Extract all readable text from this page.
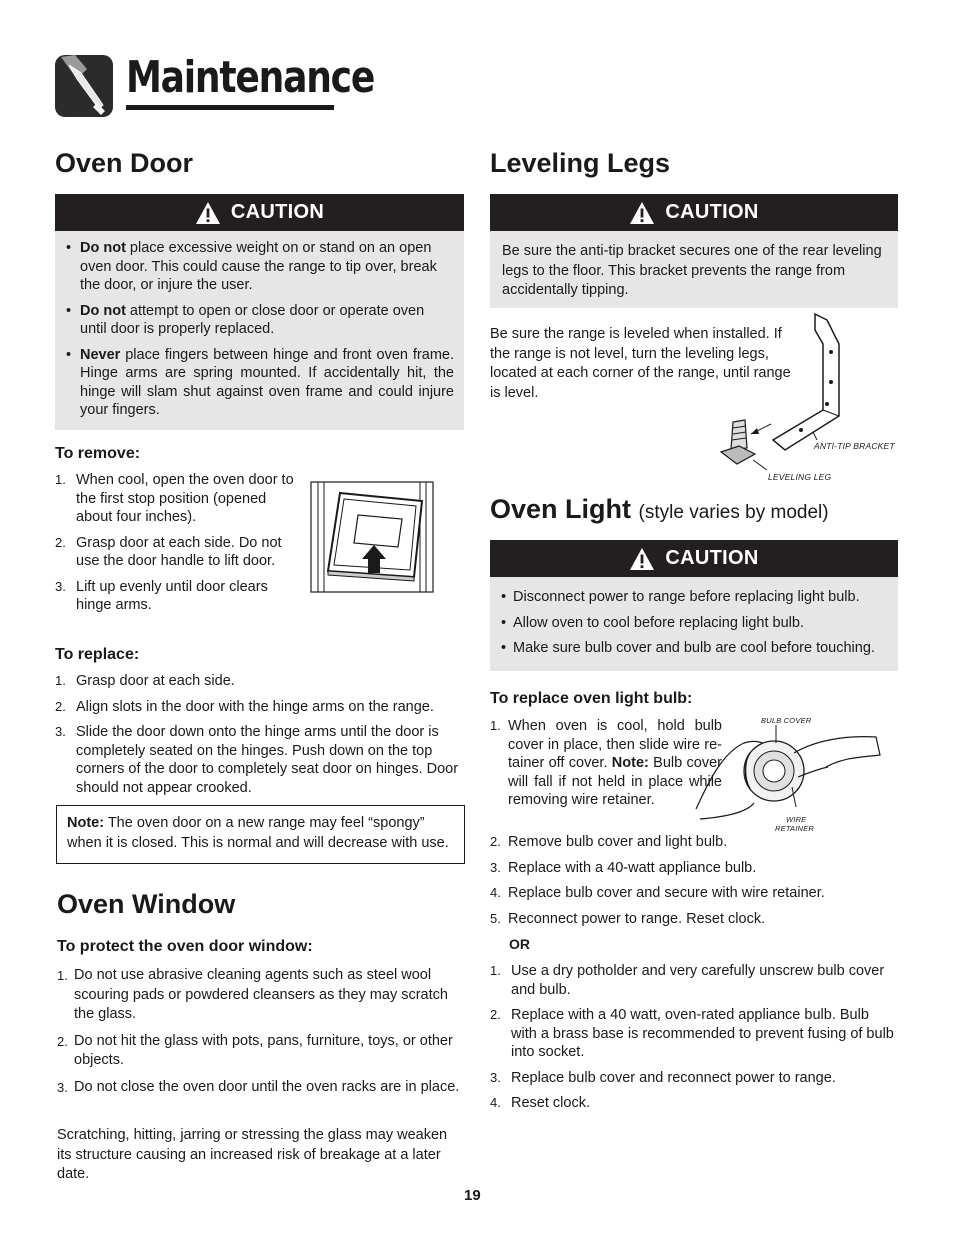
Maintenance
Oven Door
CAUTION
• Do not place excessive weight on or stand on an open oven door. This could cause the range to tip over, break the door, or injure the user.
• Do not attempt to open or close door or operate oven until door is properly replaced.
• Never place fingers between hinge and front oven frame. Hinge arms are spring mounted. If accidentally hit, the hinge will slam shut against oven frame and could injure your fingers.
To remove:
1. When cool, open the oven door to the first stop position (opened about four inches).
2. Grasp door at each side. Do not use the door handle to lift door.
3. Lift up evenly until door clears hinge arms.
To replace:
1. Grasp door at each side.
2. Align slots in the door with the hinge arms on the range.
3. Slide the door down onto the hinge arms until the door is completely seated on the hinges. Push down on the top corners of the door to completely seat door on hinges. Door should not appear crooked.
Note: The oven door on a new range may feel “spongy” when it is closed. This is normal and will decrease with use.
Oven Window
To protect the oven door window:
1. Do not use abrasive cleaning agents such as steel wool scouring pads or powdered cleansers as they may scratch the glass.
2. Do not hit the glass with pots, pans, furniture, toys, or other objects.
3. Do not close the oven door until the oven racks are in place.
Scratching, hitting, jarring or stressing the glass may weaken its structure causing an increased risk of breakage at a later date.
Leveling Legs
CAUTION
Be sure the anti-tip bracket secures one of the rear leveling legs to the floor. This bracket prevents the range from accidentally tipping.
Be sure the range is leveled when installed. If the range is not level, turn the leveling legs, located at each corner of the range, until range is level.
ANTI-TIP BRACKET
LEVELING LEG
Oven Light (style varies by model)
CAUTION
• Disconnect power to range before replacing light bulb.
• Allow oven to cool before replacing light bulb.
• Make sure bulb cover and bulb are cool before touching.
To replace oven light bulb:
1. When oven is cool, hold bulb cover in place, then slide wire re-tainer off cover. Note: Bulb cover will fall if not held in place while removing wire retainer.
BULB COVER
WIRE
RETAINER
2. Remove bulb cover and light bulb.
3. Replace with a 40-watt appliance bulb.
4. Replace bulb cover and secure with wire retainer.
5. Reconnect power to range. Reset clock.
OR
1. Use a dry potholder and very carefully unscrew bulb cover and bulb.
2. Replace with a 40 watt, oven-rated appliance bulb. Bulb with a brass base is recommended to prevent fusing of bulb into socket.
3. Replace bulb cover and reconnect power to range.
4. Reset clock.
19
